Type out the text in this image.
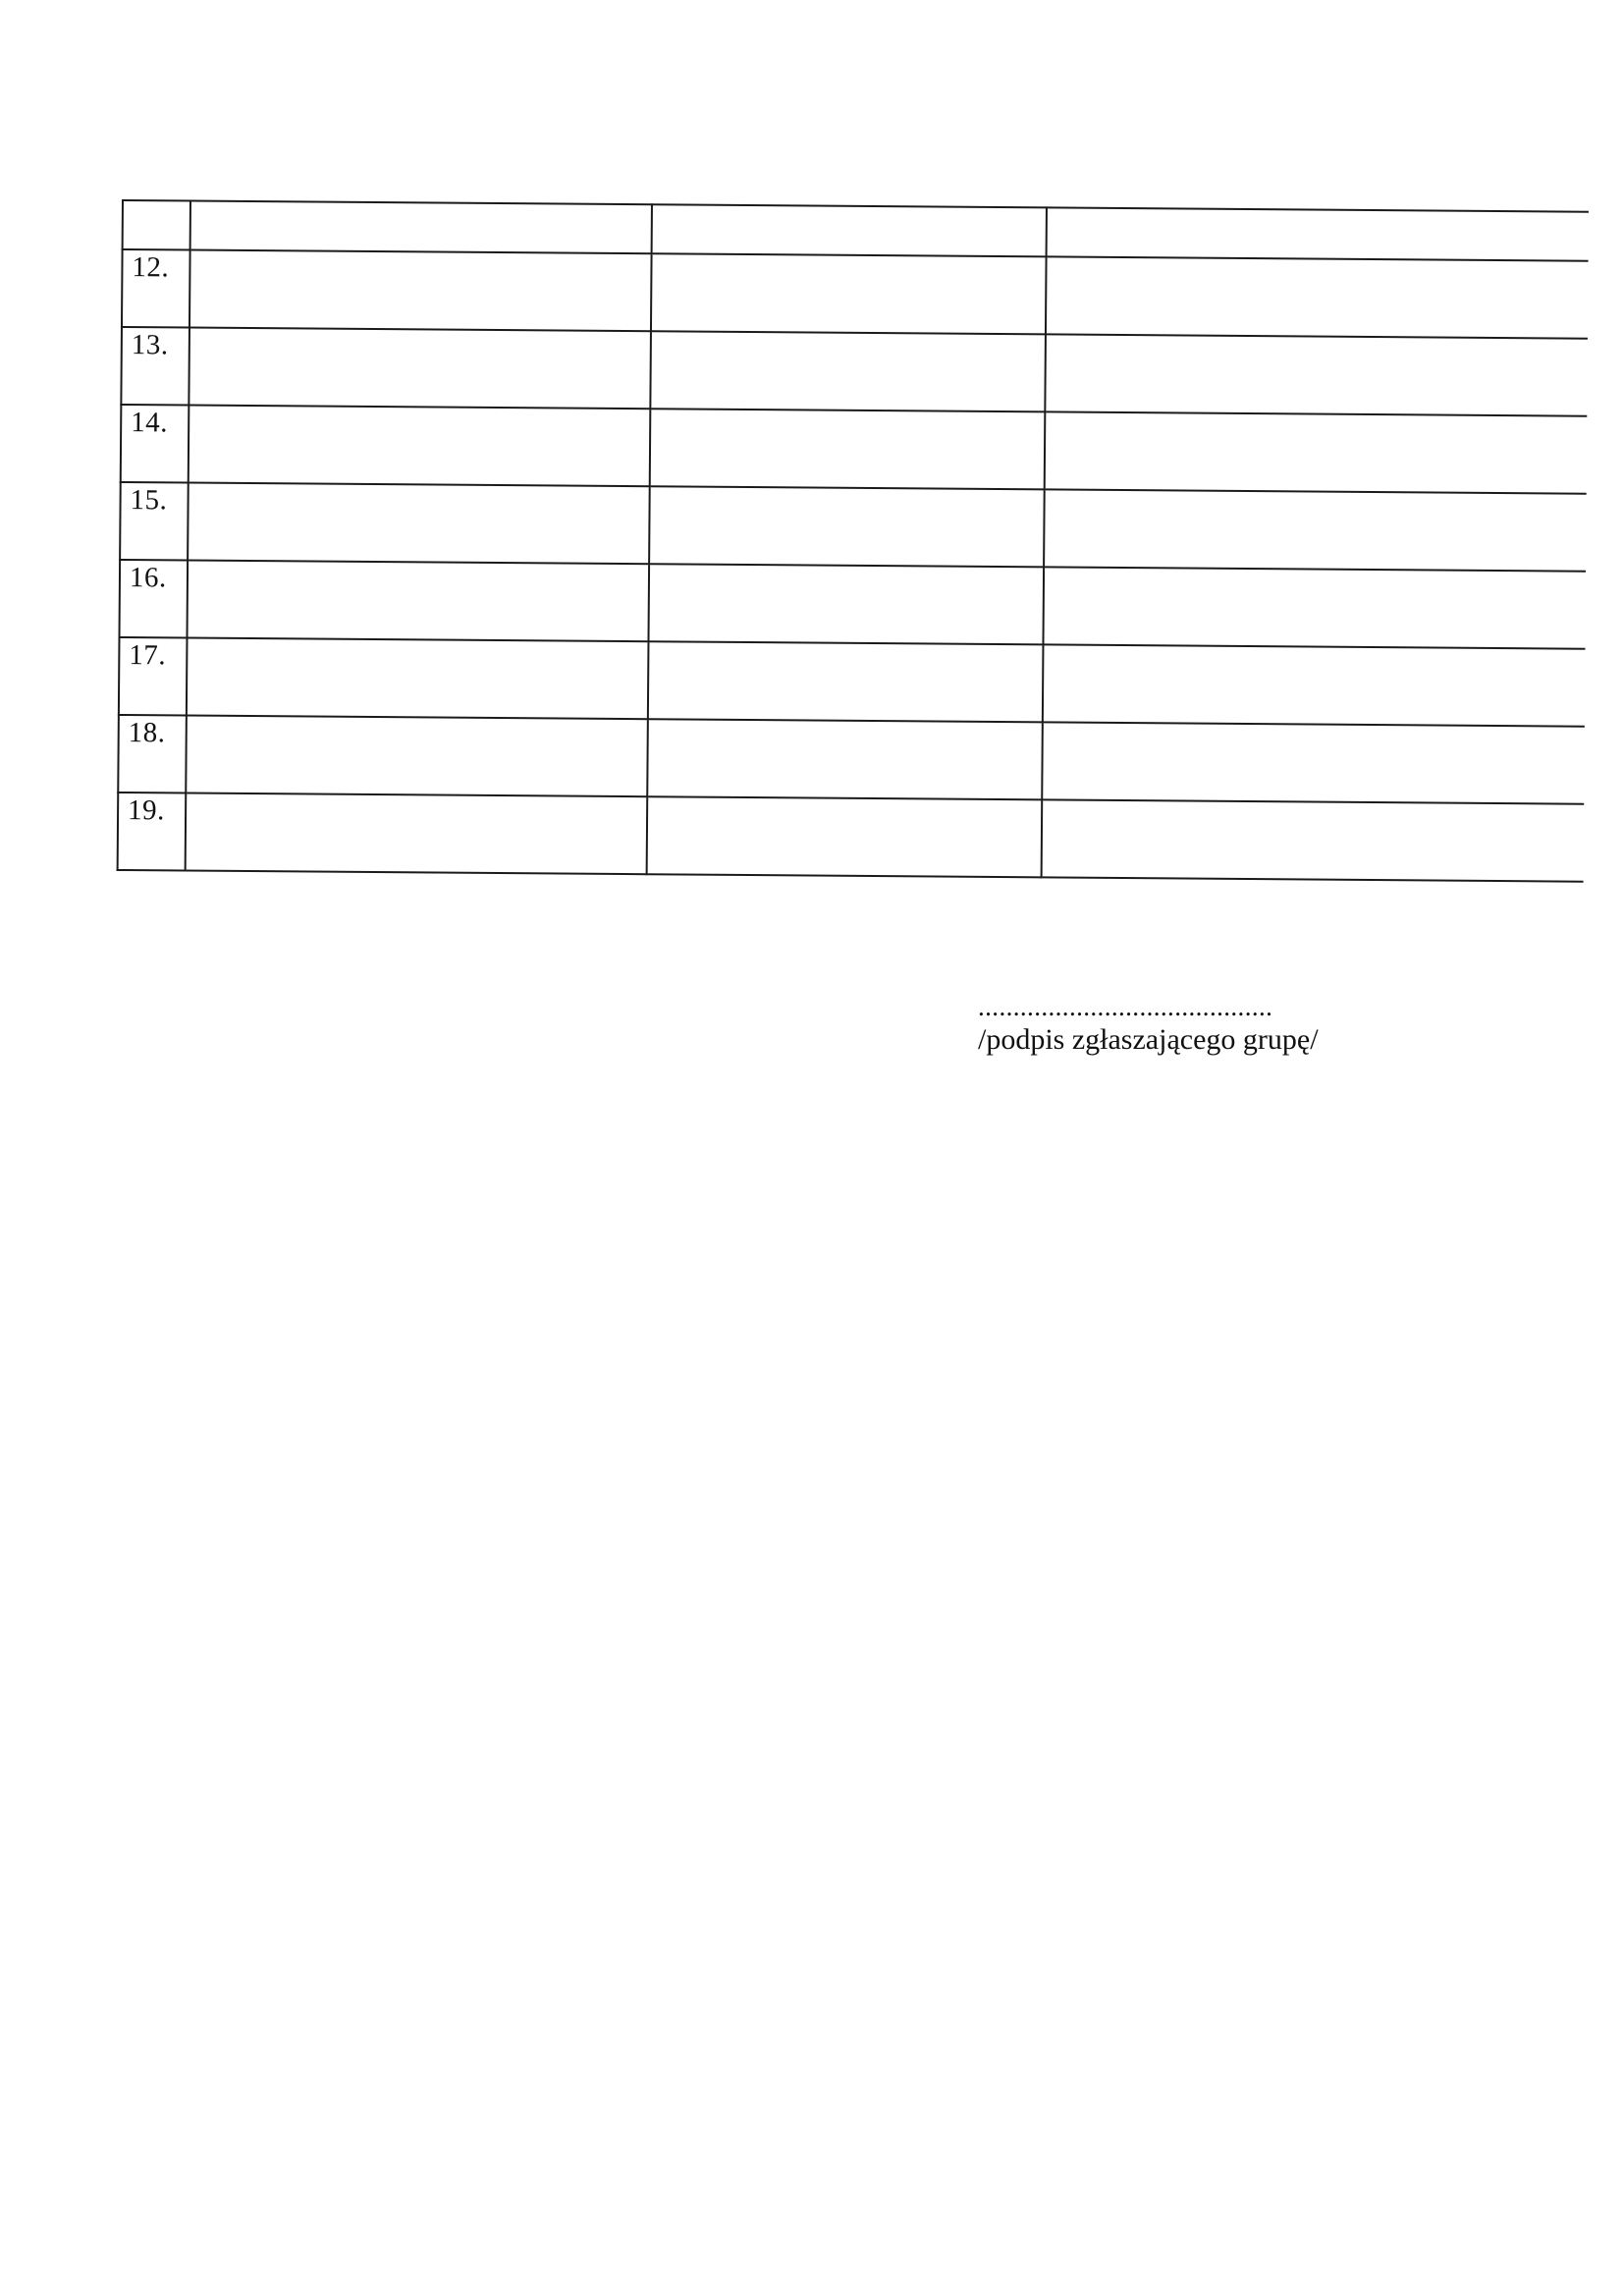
12.			
13.			
14.			
15.			
16.			
17.			
18.			
19.			
..........................................
/podpis zgłaszającego grupę/
